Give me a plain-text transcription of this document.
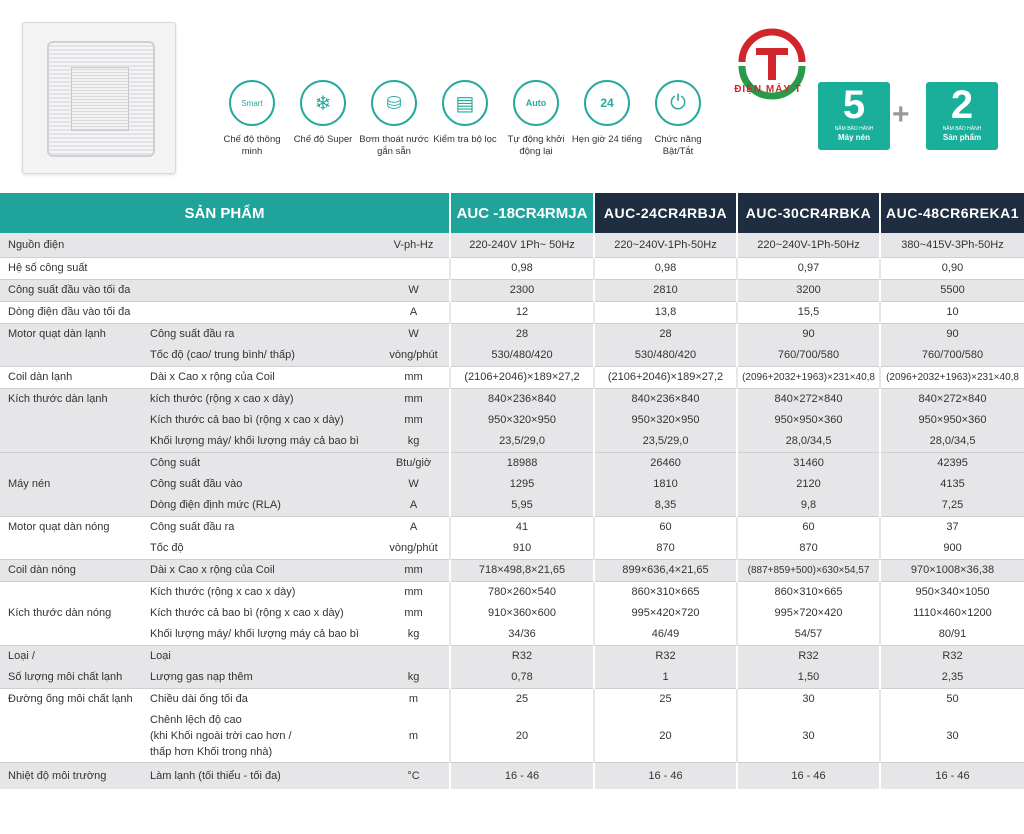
Smart
Chế độ thông minh
❄
Chế độ Super
⛁
Bơm thoát nước gắn sẵn
▤
Kiểm tra bộ lọc
Auto
Tự động khởi động lại
24
Hẹn giờ 24 tiếng
⏻
Chức năng Bật/Tắt
ĐIỆN MÁY T	5
NĂM BẢO HÀNH
Máy nén
+	2
NĂM BẢO HÀNH
Sản phẩm
SẢN PHẨM			AUC -18CR4RMJA	AUC-24CR4RBJA	AUC-30CR4RBKA	AUC-48CR6REKA1
Nguồn điện		V-ph-Hz	220-240V 1Ph~ 50Hz	220~240V-1Ph-50Hz	220~240V-1Ph-50Hz	380~415V-3Ph-50Hz
Hệ số công suất			0,98	0,98	0,97	0,90
Công suất đầu vào tối đa		W	2300	2810	3200	5500
Dòng điện đầu vào tối đa		A	12	13,8	15,5	10
Motor quạt dàn lạnh	Công suất đầu ra	W	28	28	90	90
	Tốc độ (cao/ trung bình/ thấp)	vòng/phút	530/480/420	530/480/420	760/700/580	760/700/580
Coil dàn lạnh	Dài x Cao x rộng của Coil	mm	(2106+2046)×189×27,2	(2106+2046)×189×27,2	(2096+2032+1963)×231×40,8	(2096+2032+1963)×231×40,8
Kích thước dàn lạnh	kích thước (rộng x cao x dày)	mm	840×236×840	840×236×840	840×272×840	840×272×840
	Kích thước cả bao bì (rộng x cao x dày)	mm	950×320×950	950×320×950	950×950×360	950×950×360
	Khối lượng máy/ khối lượng máy cả bao bì	kg	23,5/29,0	23,5/29,0	28,0/34,5	28,0/34,5
	Công suất	Btu/giờ	18988	26460	31460	42395
Máy nén	Công suất đầu vào	W	1295	1810	2120	4135
	Dòng điện định mức (RLA)	A	5,95	8,35	9,8	7,25
Motor quạt dàn nóng	Công suất đầu ra	A	41	60	60	37
	Tốc độ	vòng/phút	910	870	870	900
Coil dàn nóng	Dài x Cao x rộng của Coil	mm	718×498,8×21,65	899×636,4×21,65	(887+859+500)×630×54,57	970×1008×36,38
	Kích thước (rộng x cao x dày)	mm	780×260×540	860×310×665	860×310×665	950×340×1050
Kích thước dàn nóng	Kích thước cả bao bì (rộng x cao x dày)	mm	910×360×600	995×420×720	995×720×420	1110×460×1200
	Khối lượng máy/ khối lượng máy cả bao bì	kg	34/36	46/49	54/57	80/91
Loại /	Loại		R32	R32	R32	R32
Số lượng môi chất lạnh	Lượng gas nạp thêm	kg	0,78	1	1,50	2,35
Đường ống môi chất lạnh	Chiều dài ống tối đa	m	25	25	30	50
	Chênh lệch độ cao
(khi Khối ngoài trời cao hơn /
thấp hơn Khối trong nhà)	m	20	20	30	30
Nhiệt độ môi trường	Làm lạnh (tối thiểu - tối đa)	°C	16 - 46	16 - 46	16 - 46	16 - 46
